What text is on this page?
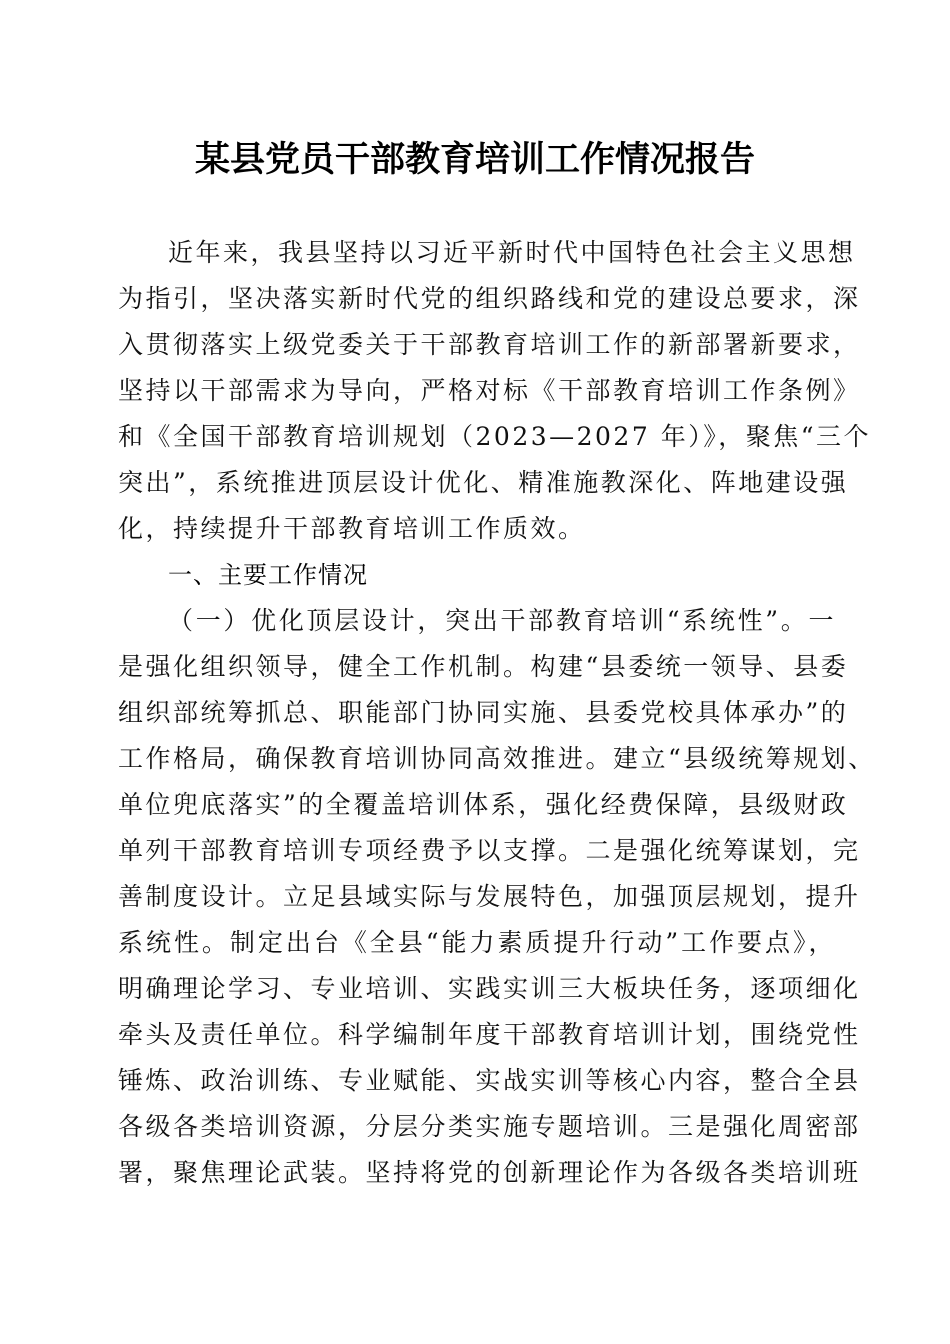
某县党员干部教育培训工作情况报告
近年来，我县坚持以习近平新时代中国特色社会主义思想
为指引，坚决落实新时代党的组织路线和党的建设总要求，深
入贯彻落实上级党委关于干部教育培训工作的新部署新要求，
坚持以干部需求为导向，严格对标《干部教育培训工作条例》
和《全国干部教育培训规划（2023—2027 年）》，聚焦“三个
突出”，系统推进顶层设计优化、精准施教深化、阵地建设强
化，持续提升干部教育培训工作质效。
一、主要工作情况
（一）优化顶层设计，突出干部教育培训“系统性”。一
是强化组织领导，健全工作机制。构建“县委统一领导、县委
组织部统筹抓总、职能部门协同实施、县委党校具体承办”的
工作格局，确保教育培训协同高效推进。建立“县级统筹规划、
单位兜底落实”的全覆盖培训体系，强化经费保障，县级财政
单列干部教育培训专项经费予以支撑。二是强化统筹谋划，完
善制度设计。立足县域实际与发展特色，加强顶层规划，提升
系统性。制定出台《全县“能力素质提升行动”工作要点》，
明确理论学习、专业培训、实践实训三大板块任务，逐项细化
牵头及责任单位。科学编制年度干部教育培训计划，围绕党性
锤炼、政治训练、专业赋能、实战实训等核心内容，整合全县
各级各类培训资源，分层分类实施专题培训。三是强化周密部
署，聚焦理论武装。坚持将党的创新理论作为各级各类培训班
